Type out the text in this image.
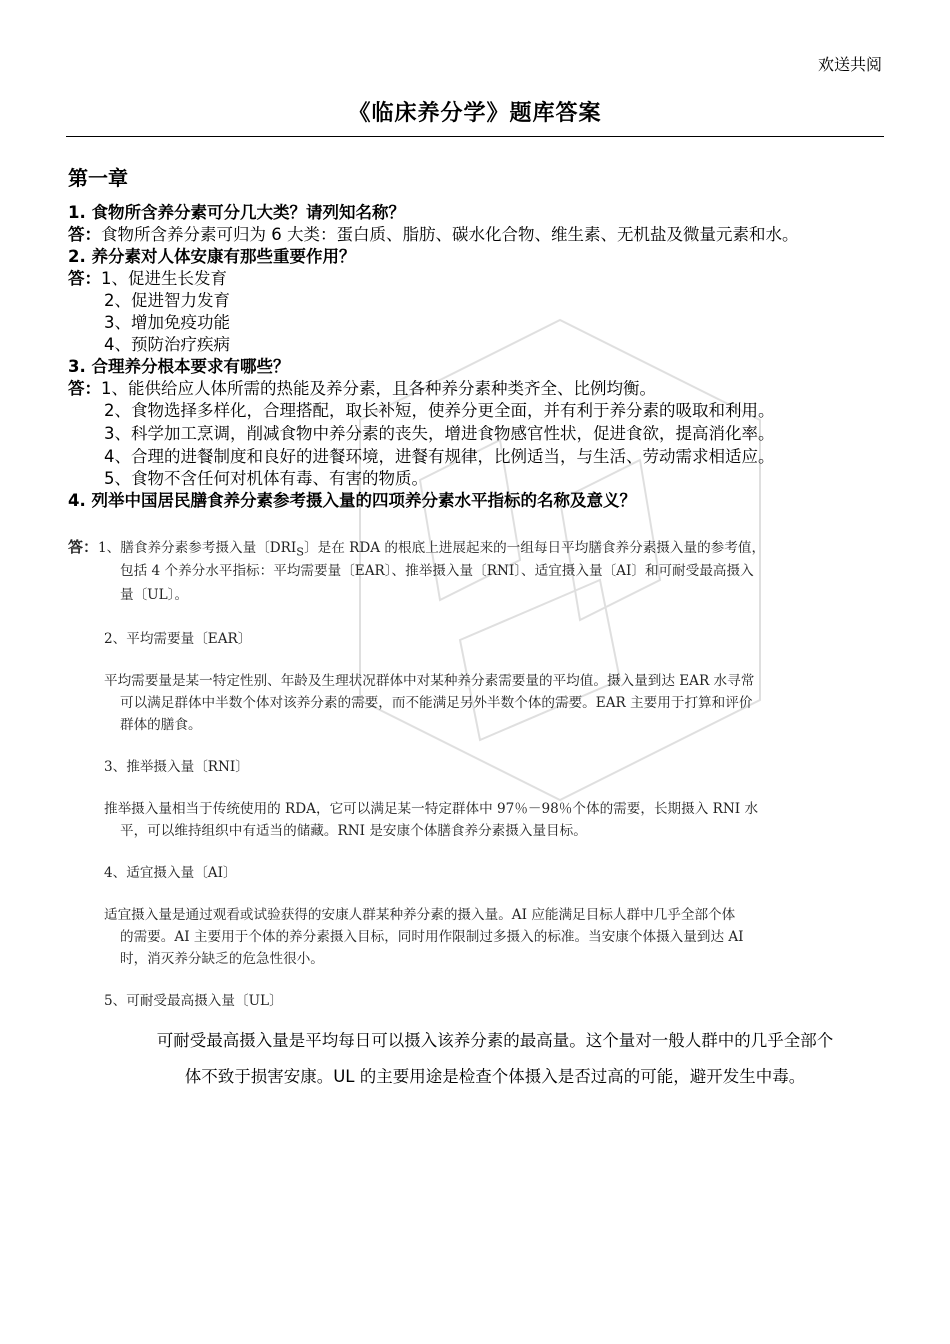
欢送共阅
《临床养分学》题库答案
第一章
1. 食物所含养分素可分几大类？请列知名称？
答：食物所含养分素可归为 6 大类：蛋白质、脂肪、碳水化合物、维生素、无机盐及微量元素和水。
2. 养分素对人体安康有那些重要作用？
答：1、促进生长发育
2、促进智力发育
3、增加免疫功能
4、预防治疗疾病
3. 合理养分根本要求有哪些？
答：1、能供给应人体所需的热能及养分素，且各种养分素种类齐全、比例均衡。
2、食物选择多样化，合理搭配，取长补短，使养分更全面，并有利于养分素的吸取和利用。
3、科学加工烹调，削减食物中养分素的丧失，增进食物感官性状，促进食欲，提高消化率。
4、合理的进餐制度和良好的进餐环境，进餐有规律，比例适当，与生活、劳动需求相适应。
5、食物不含任何对机体有毒、有害的物质。
4. 列举中国居民膳食养分素参考摄入量的四项养分素水平指标的名称及意义？
答：1、膳食养分素参考摄入量〔$DRI_S$〕是在 RDA 的根底上进展起来的一组每日平均膳食养分素摄入量的参考值，
包括 4 个养分水平指标：平均需要量〔EAR〕、推举摄入量〔RNI〕、适宜摄入量〔AI〕和可耐受最高摄入
量〔UL〕。
2、平均需要量〔EAR〕
平均需要量是某一特定性别、年龄及生理状况群体中对某种养分素需要量的平均值。摄入量到达 EAR 水寻常
可以满足群体中半数个体对该养分素的需要，而不能满足另外半数个体的需要。EAR 主要用于打算和评价
群体的膳食。
3、推举摄入量〔RNI〕
推举摄入量相当于传统使用的 RDA，它可以满足某一特定群体中 97％－98％个体的需要，长期摄入 RNI 水
平，可以维持组织中有适当的储藏。RNI 是安康个体膳食养分素摄入量目标。
4、适宜摄入量〔AI〕
适宜摄入量是通过观看或试验获得的安康人群某种养分素的摄入量。AI 应能满足目标人群中几乎全部个体
的需要。AI 主要用于个体的养分素摄入目标，同时用作限制过多摄入的标准。当安康个体摄入量到达 AI
时，消灭养分缺乏的危急性很小。
5、可耐受最高摄入量〔UL〕
可耐受最高摄入量是平均每日可以摄入该养分素的最高量。这个量对一般人群中的几乎全部个
体不致于损害安康。UL 的主要用途是检查个体摄入是否过高的可能，避开发生中毒。
